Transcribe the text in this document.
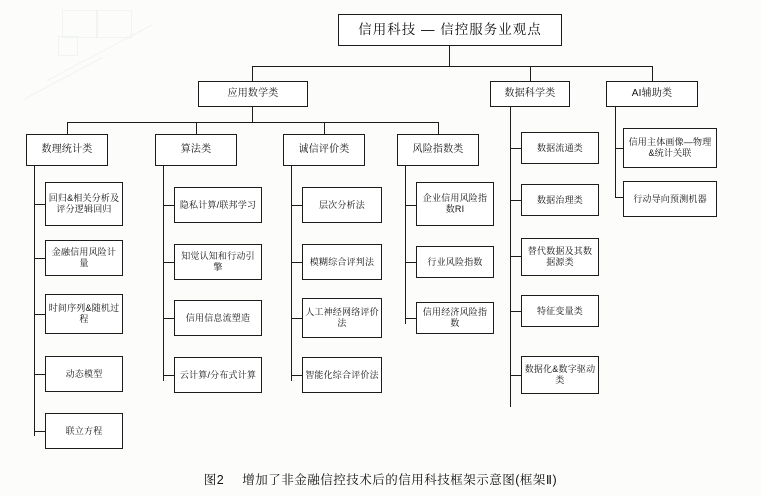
信用科技 — 信控服务业观点
应用数学类
数理统计类
回归&相关分析及评分逻辑回归
金融信用风险计量
时间序列&随机过程
动态模型
联立方程
算法类
隐私计算/联邦学习
知觉认知和行动引擎
信用信息流塑造
云计算/分布式计算
诚信评价类
层次分析法
模糊综合评判法
人工神经网络评价法
智能化综合评价法
风险指数类
企业信用风险指数RI
行业风险指数
信用经济风险指数
数据科学类
数据流通类
数据治理类
替代数据及其数据源类
特征变量类
数据化&数字驱动类
AI辅助类
信用主体画像—物理&统计关联
行动导向预测机器
图2 增加了非金融信控技术后的信用科技框架示意图(框架Ⅱ)
